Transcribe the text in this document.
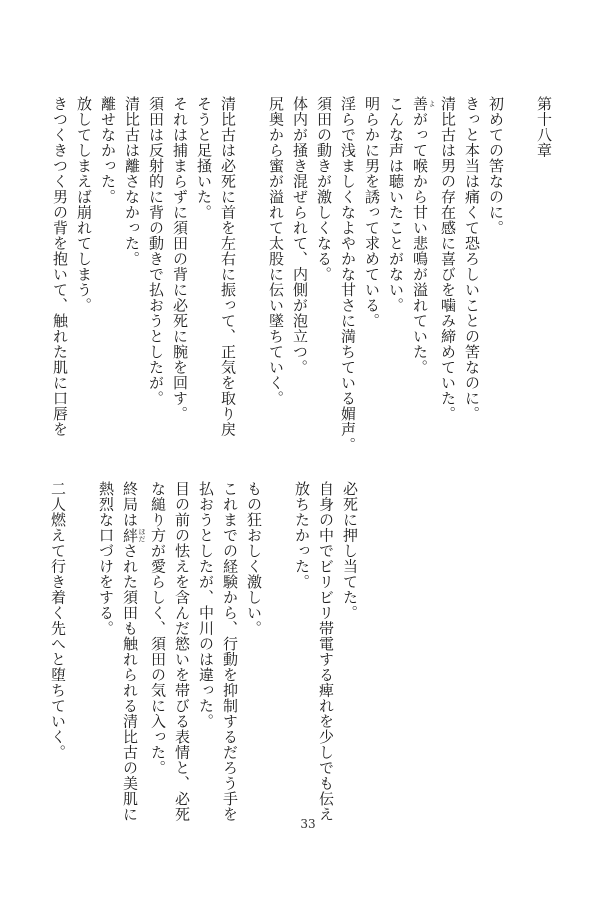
第十八章

初めての筈なのに。
きっと本当は痛くて恐ろしいことの筈なのに。
清比古は男の存在感に喜びを噛み締めていた。
善 よがって喉から甘い悲鳴が溢れていた。
こんな声は聴いたことがない。
明らかに男を誘って求めている。
淫らで浅ましくなよやかな甘さに満ちている媚声。
須田の動きが激しくなる。
体内が掻き混ぜられて、内側が泡立つ。
尻奥から蜜が溢れて太股に伝い墜ちていく。

清比古は必死に首を左右に振って、正気を取り戻
そうと足掻いた。
それは捕まらずに須田の背に必死に腕を回す。
須田は反射的に背の動きで払おうとしたが。
清比古は離さなかった。
離せなかった。
放してしまえば崩れてしまう。
きつくきつく男の背を抱いて、触れた肌に口唇を
必死に押し当てた。
自身の中でビリビリ帯電する痺れを少しでも伝え
放ちたかった。

もの狂おしく激しい。
これまでの経験から、行動を抑制するだろう手を
払おうとしたが、中川のは違った。
目の前の怯えを含んだ慾いを帯びる表情と、必死
な縋り方が愛らしく、須田の気に入った。
終局は絆 ほだされた須田も触れられる清比古の美肌に
熱烈な口づけをする。

二人燃えて行き着く先へと堕ちていく。
33
